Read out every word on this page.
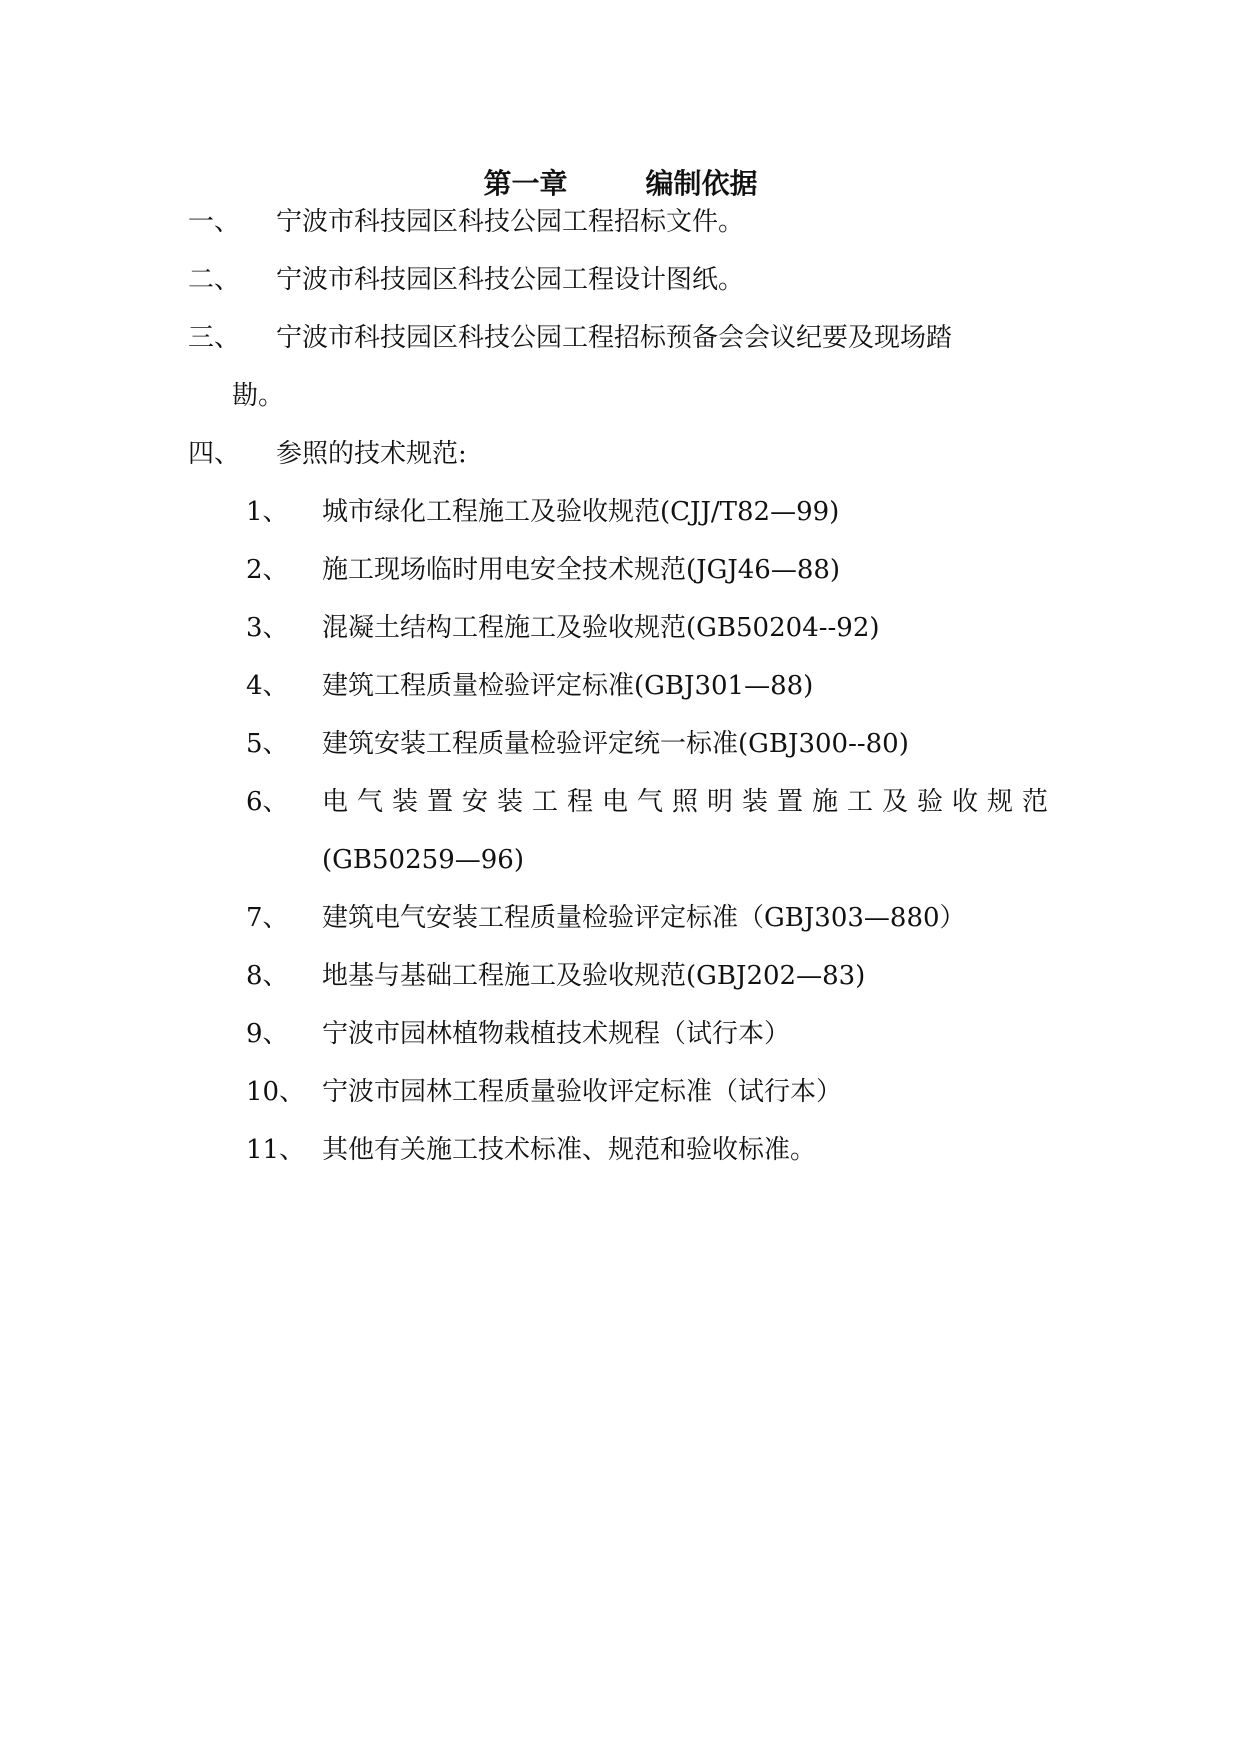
第一章        编制依据
一、 宁波市科技园区科技公园工程招标文件。
二、 宁波市科技园区科技公园工程设计图纸。
三、 宁波市科技园区科技公园工程招标预备会会议纪要及现场踏
勘。
四、 参照的技术规范:
1、 城市绿化工程施工及验收规范(CJJ/T82—99)
2、 施工现场临时用电安全技术规范(JGJ46—88)
3、 混凝土结构工程施工及验收规范(GB50204--92)
4、 建筑工程质量检验评定标准(GBJ301—88)
5、 建筑安装工程质量检验评定统一标准(GBJ300--80)
6、 电气装置安装工程电气照明装置施工及验收规范
(GB50259—96)
7、 建筑电气安装工程质量检验评定标准（GBJ303—880）
8、 地基与基础工程施工及验收规范(GBJ202—83)
9、 宁波市园林植物栽植技术规程（试行本）
10、 宁波市园林工程质量验收评定标准（试行本）
11、 其他有关施工技术标准、规范和验收标准。
